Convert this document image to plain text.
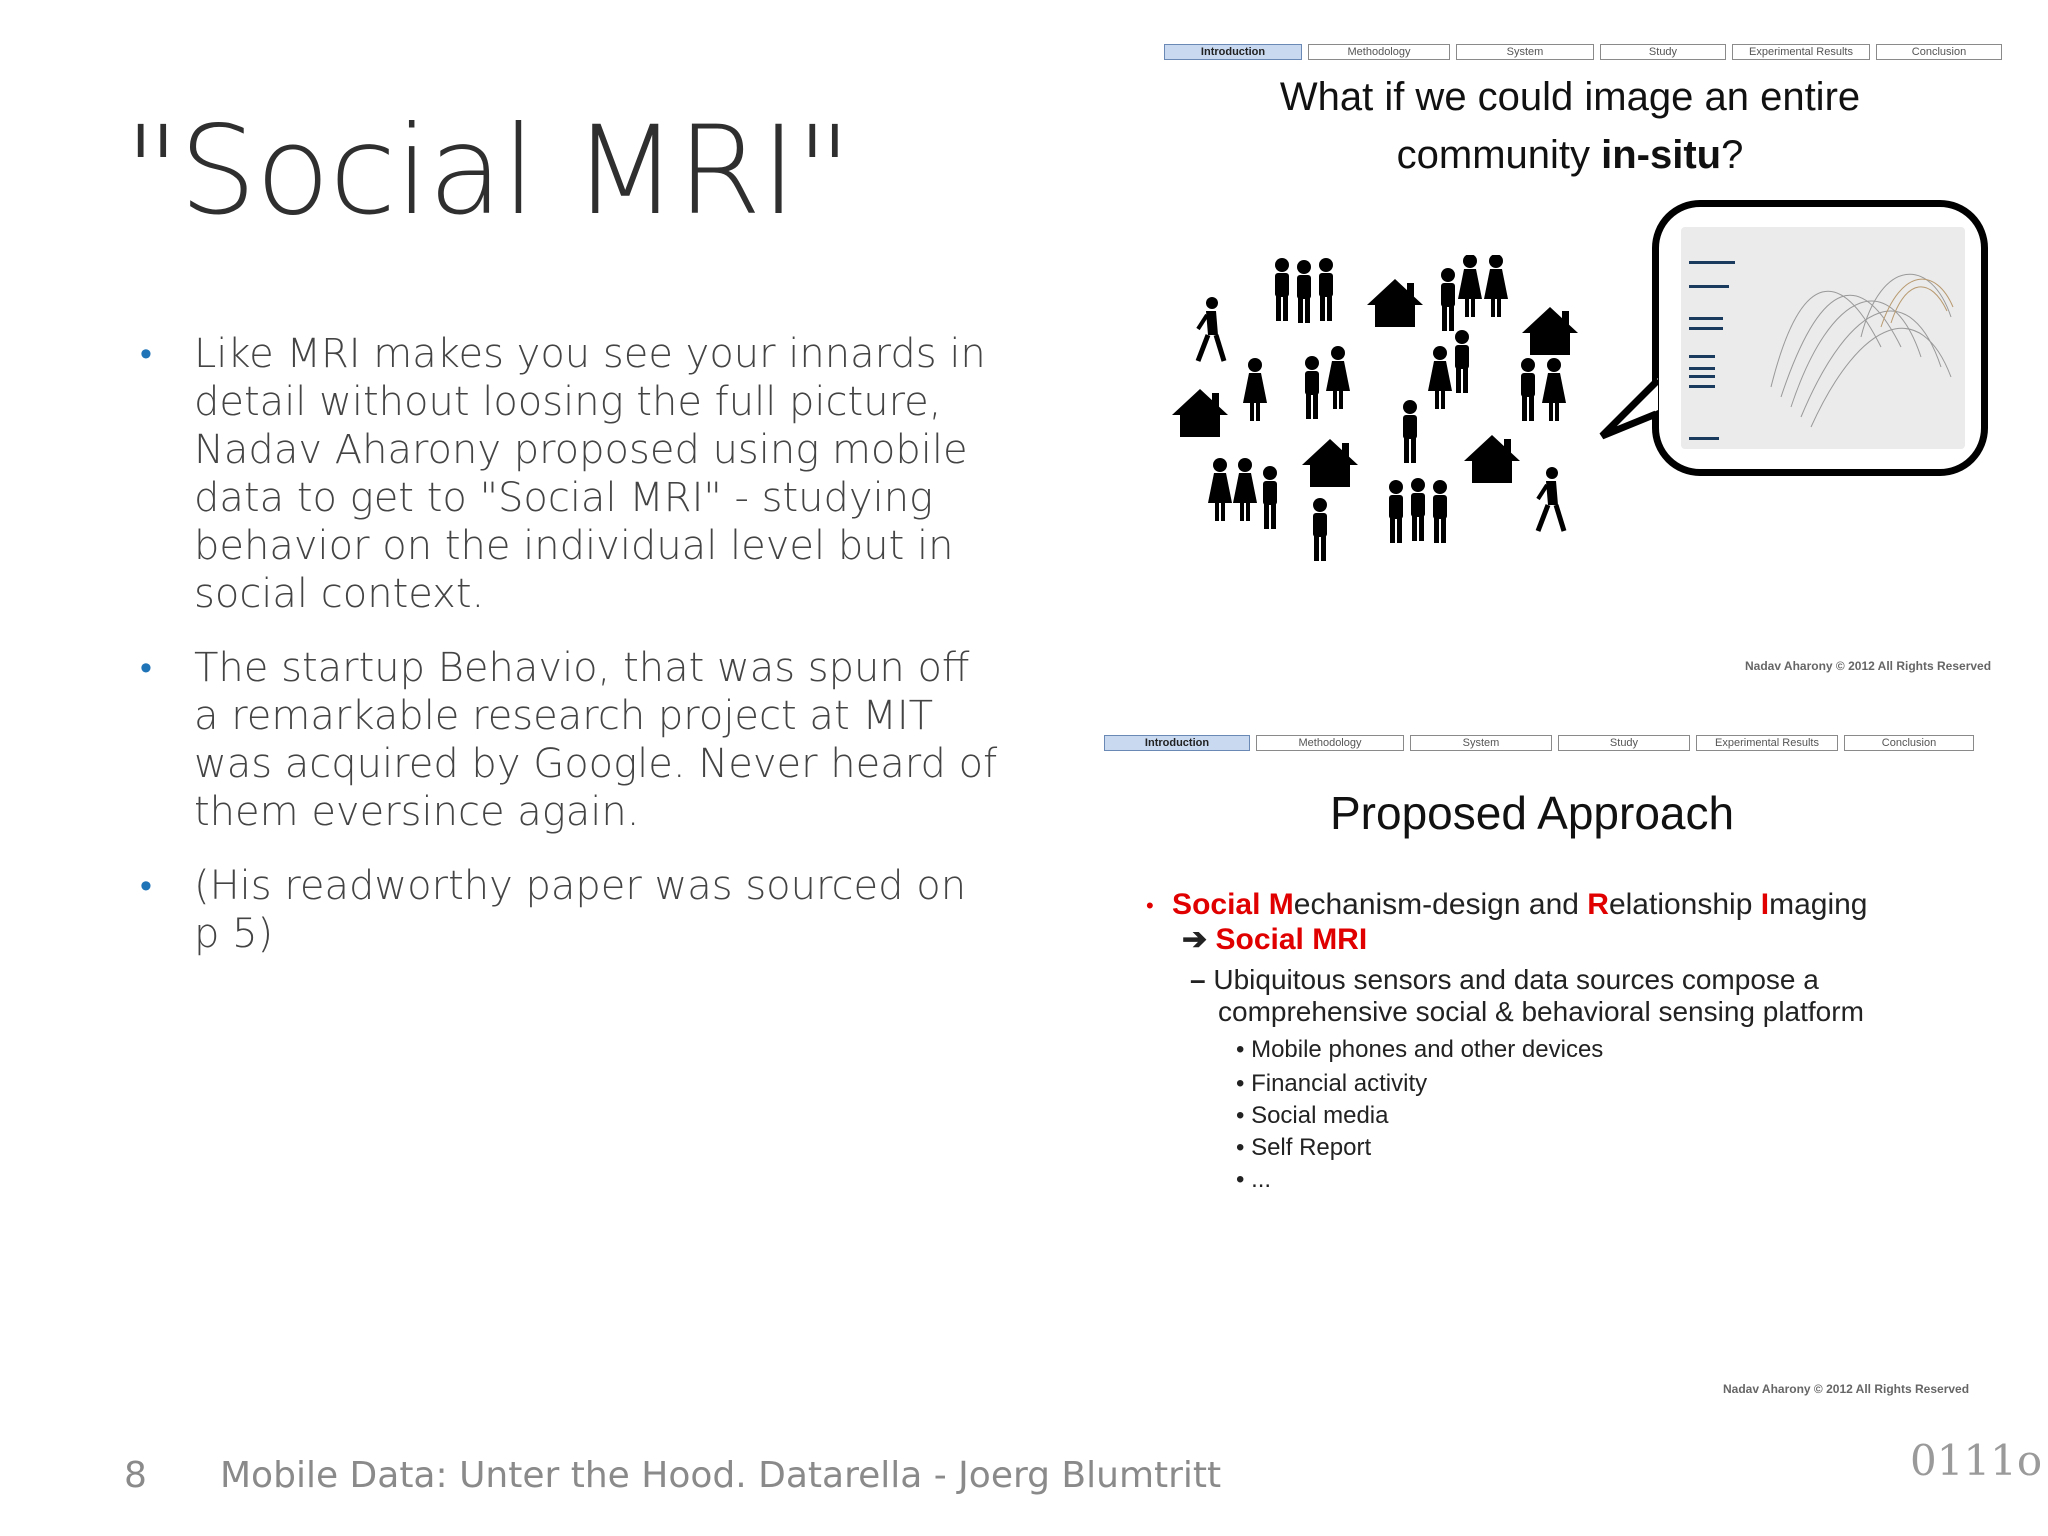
"Social MRI"
• Like MRI makes you see your innards in detail without loosing the full picture, Nadav Aharony proposed using mobile data to get to "Social MRI" - studying behavior on the individual level but in social context.
• The startup Behavio, that was spun off a remarkable research project at MIT was acquired by Google. Never heard of them eversince again.
• (His readworthy paper was sourced on p 5)
8 Mobile Data: Unter the Hood. Datarella - Joerg Blumtritt
Introduction	Methodology	System	Study	Experimental Results	Conclusion
What if we could image an entire
community in-situ?
Nadav Aharony © 2012 All Rights Reserved
Introduction	Methodology	System	Study	Experimental Results	Conclusion
Proposed Approach
• Social Mechanism-design and Relationship Imaging
➔ Social MRI
– Ubiquitous sensors and data sources compose a
comprehensive social & behavioral sensing platform
• Mobile phones and other devices
• Financial activity
• Social media
• Self Report
• ...
Nadav Aharony © 2012 All Rights Reserved
0111o
